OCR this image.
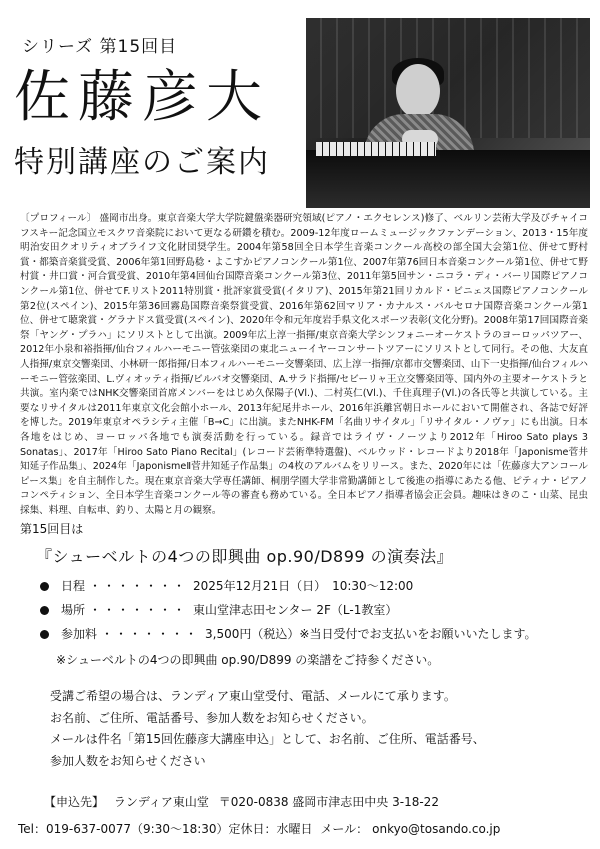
シリーズ 第15回目
佐藤彦大
特別講座のご案内

〔プロフィール〕 盛岡市出身。東京音楽大学大学院鍵盤楽器研究領域(ピアノ・エクセレンス)修了、ベルリン芸術大学及びチャイコフスキー記念国立モスクワ音楽院において更なる研鑽を積む。2009-12年度ロームミュージックファンデーション、2013・15年度明治安田クオリティオブライフ文化財団奨学生。2004年第58回全日本学生音楽コンクール高校の部全国大会第1位、併せて野村賞・都築音楽賞受賞、2006年第1回野島稔・よこすかピアノコンクール第1位、2007年第76回日本音楽コンクール第1位、併せて野村賞・井口賞・河合賞受賞、2010年第4回仙台国際音楽コンクール第3位、2011年第5回サン・ニコラ・ディ・バーリ国際ピアノコンクール第1位、併せてF.リスト2011特別賞・批評家賞受賞(イタリア)、2015年第21回リカルド・ビニェス国際ピアノコンクール第2位(スペイン)、2015年第36回霧島国際音楽祭賞受賞、2016年第62回マリア・カナルス・バルセロナ国際音楽コンクール第1位、併せて聴衆賞・グラナドス賞受賞(スペイン)、2020年令和元年度岩手県文化スポーツ表彰(文化分野)。2008年第17回国際音楽祭「ヤング・プラハ」にソリストとして出演。2009年広上淳一指揮/東京音楽大学シンフォニーオーケストラのヨーロッパツアー、2012年小泉和裕指揮/仙台フィルハーモニー管弦楽団の東北ニューイヤーコンサートツアーにソリストとして同行。その他、大友直人指揮/東京交響楽団、小林研一郎指揮/日本フィルハーモニー交響楽団、広上淳一指揮/京都市交響楽団、山下一史指揮/仙台フィルハーモニー管弦楽団、L.ヴィオッティ指揮/ビルバオ交響楽団、A.サラド指揮/セビーリャ王立交響楽団等、国内外の主要オーケストラと共演。室内楽ではNHK交響楽団首席メンバーをはじめ久保陽子(Vl.)、二村英仁(Vl.)、千住真理子(Vl.)の各氏等と共演している。主要なリサイタルは2011年東京文化会館小ホール、2013年紀尾井ホール、2016年浜離宮朝日ホールにおいて開催され、各誌で好評を博した。2019年東京オペラシティ主催「B→C」に出演。またNHK-FM「名曲リサイタル」「リサイタル・ノヴァ」にも出演。日本各地をはじめ、ヨーロッパ各地でも演奏活動を行っている。録音ではライヴ・ノーツより2012年「Hiroo Sato plays 3 Sonatas」、2017年「Hiroo Sato Piano Recital」(レコード芸術準特選盤)、ベルウッド・レコードより2018年「Japonisme菅井知延子作品集」、2024年「JaponismeⅡ菅井知延子作品集」の4枚のアルバムをリリース。また、2020年には「佐藤彦大アンコールピース集」を自主制作した。現在東京音楽大学専任講師、桐朋学園大学非常勤講師として後進の指導にあたる他、ピティナ・ピアノコンペティション、全日本学生音楽コンクール等の審査も務めている。全日本ピアノ指導者協会正会員。趣味はきのこ・山菜、昆虫採集、料理、自転車、釣り、太陽と月の観察。

第15回目は
『シューベルトの4つの即興曲 op.90/D899 の演奏法』
日程 ・・・・・・・ 2025年12月21日（日）　10:30〜12:00
場所 ・・・・・・・ 東山堂津志田センター 2F（L-1教室）
参加料 ・・・・・・・ 3,500円（税込）※当日受付でお支払いをお願いいたします。
※シューベルトの4つの即興曲 op.90/D899 の楽譜をご持参ください。

受講ご希望の場合は、ランディア東山堂受付、電話、メールにて承ります。

お名前、ご住所、電話番号、参加人数をお知らせください。

メールは件名「第15回佐藤彦大講座申込」として、お名前、ご住所、電話番号、

参加人数をお知らせください

【申込先】 ランディア東山堂 〒020-0838 盛岡市津志田中央 3-18-22
Tel：019-637-0077（9:30〜18:30）定休日：水曜日 メール： onkyo@tosando.co.jp
